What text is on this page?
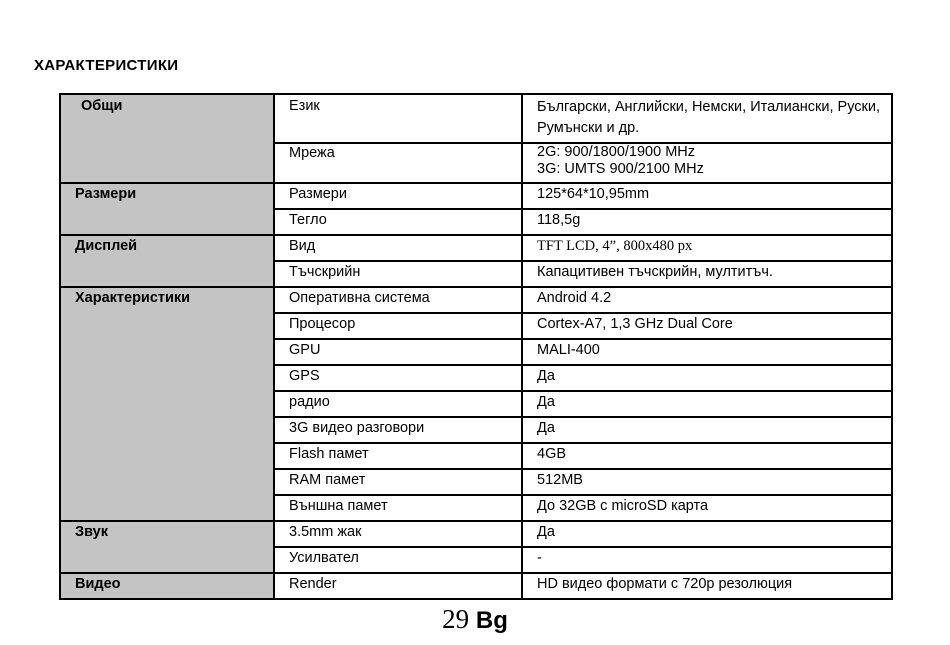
ХАРАКТЕРИСТИКИ
Общи	Език	Български, Английски, Немски, Италиански, Руски, Румънски и др.
	Мрежа	2G: 900/1800/1900 MHz
3G: UMTS 900/2100 MHz

Размери	Размери	125*64*10,95mm
	Тегло	118,5g
Дисплей	Вид	TFT LCD, 4”, 800x480 px
	Тъчскрийн	Капацитивен тъчскрийн, мултитъч.
Характеристики	Оперативна система	Android 4.2
	Процесор	Cortex-A7, 1,3 GHz Dual Core
	GPU	MALI-400
	GPS	Да
	радио	Да
	3G видео разговори	Да
	Flash памет	4GB
	RAM памет	512MB
	Външна памет	До 32GB с microSD карта
Звук	3.5mm жак	Да
	Усилвател	-
Видео	Render	HD видео формати с 720p резолюция
29 Bg
